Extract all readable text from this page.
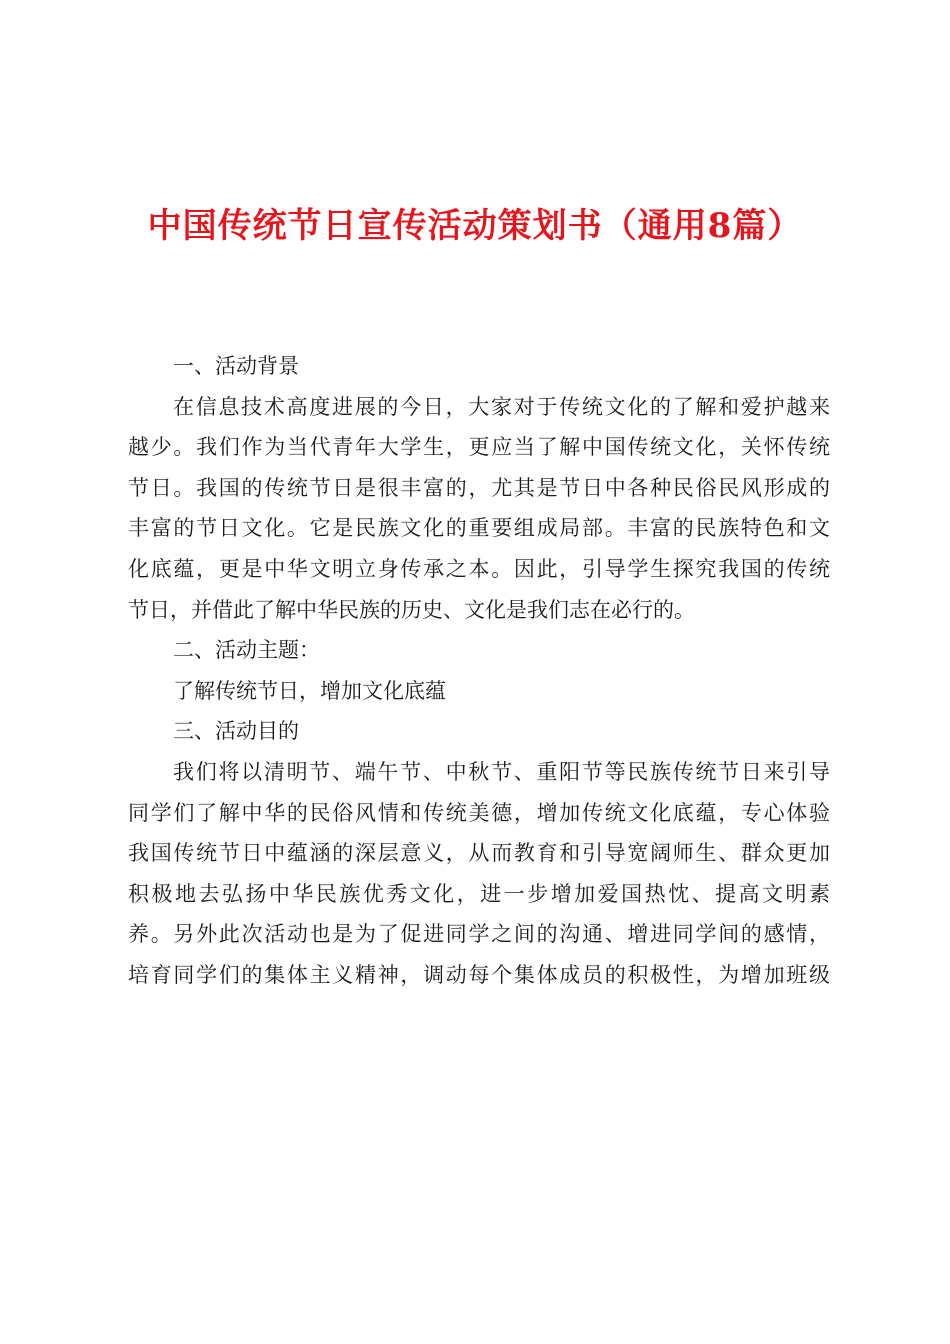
中国传统节日宣传活动策划书（通用8篇）
一、活动背景
在信息技术高度进展的今日，大家对于传统文化的了解和爱护越来
越少。我们作为当代青年大学生，更应当了解中国传统文化，关怀传统
节日。我国的传统节日是很丰富的，尤其是节日中各种民俗民风形成的
丰富的节日文化。它是民族文化的重要组成局部。丰富的民族特色和文
化底蕴，更是中华文明立身传承之本。因此，引导学生探究我国的传统
节日，并借此了解中华民族的历史、文化是我们志在必行的。
二、活动主题：
了解传统节日，增加文化底蕴
三、活动目的
我们将以清明节、端午节、中秋节、重阳节等民族传统节日来引导
同学们了解中华的民俗风情和传统美德，增加传统文化底蕴，专心体验
我国传统节日中蕴涵的深层意义，从而教育和引导宽阔师生、群众更加
积极地去弘扬中华民族优秀文化，进一步增加爱国热忱、提高文明素
养。另外此次活动也是为了促进同学之间的沟通、增进同学间的感情，
培育同学们的集体主义精神，调动每个集体成员的积极性，为增加班级
